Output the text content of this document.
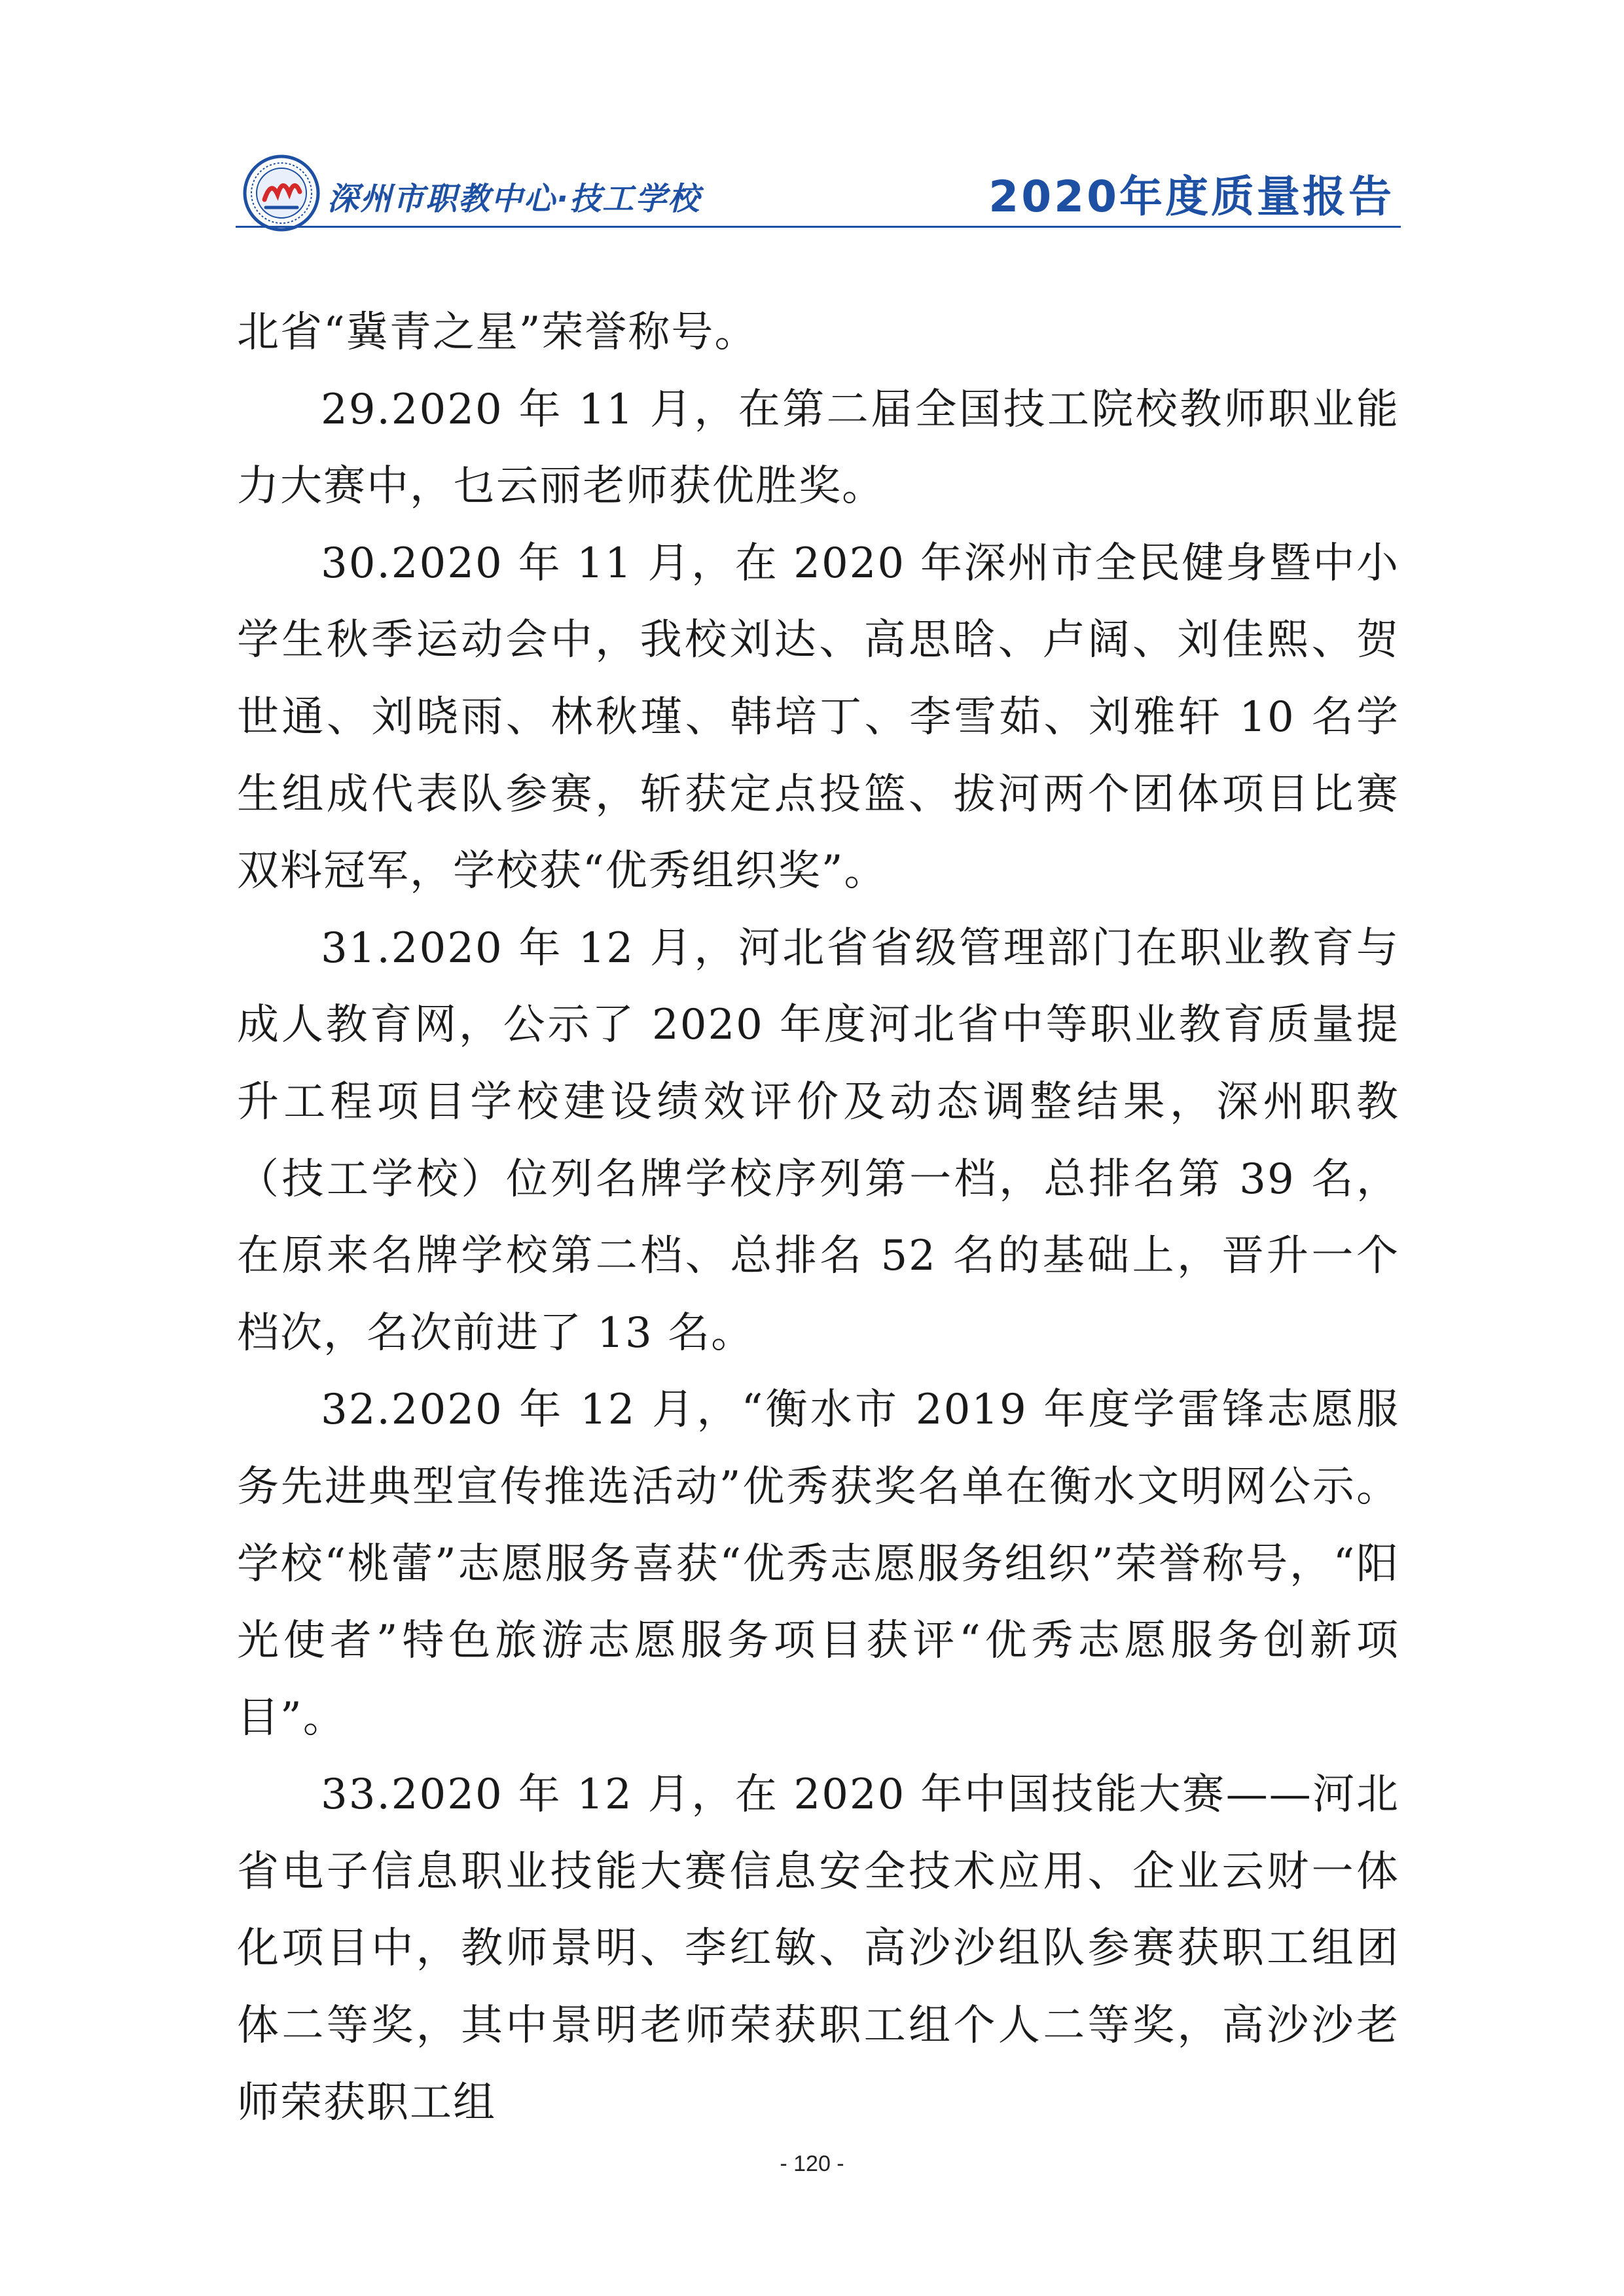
深州市职教中心·技工学校	2020年度质量报告

北省“冀青之星”荣誉称号。

29.2020 年 11 月，在第二届全国技工院校教师职业能力大赛中，乜云丽老师获优胜奖。

30.2020 年 11 月，在 2020 年深州市全民健身暨中小学生秋季运动会中，我校刘达、高思晗、卢阔、刘佳熙、贺世通、刘晓雨、林秋瑾、韩培丁、李雪茹、刘雅轩 10 名学生组成代表队参赛，斩获定点投篮、拔河两个团体项目比赛双料冠军，学校获“优秀组织奖”。

31.2020 年 12 月，河北省省级管理部门在职业教育与成人教育网，公示了 2020 年度河北省中等职业教育质量提升工程项目学校建设绩效评价及动态调整结果，深州职教（技工学校）位列名牌学校序列第一档，总排名第 39 名，在原来名牌学校第二档、总排名 52 名的基础上，晋升一个档次，名次前进了 13 名。

32.2020 年 12 月，“衡水市 2019 年度学雷锋志愿服务先进典型宣传推选活动”优秀获奖名单在衡水文明网公示。学校“桃蕾”志愿服务喜获“优秀志愿服务组织”荣誉称号，“阳光使者”特色旅游志愿服务项目获评“优秀志愿服务创新项目”。

33.2020 年 12 月，在 2020 年中国技能大赛——河北省电子信息职业技能大赛信息安全技术应用、企业云财一体化项目中，教师景明、李红敏、高沙沙组队参赛获职工组团体二等奖，其中景明老师荣获职工组个人二等奖，高沙沙老师荣获职工组

- 120 -
